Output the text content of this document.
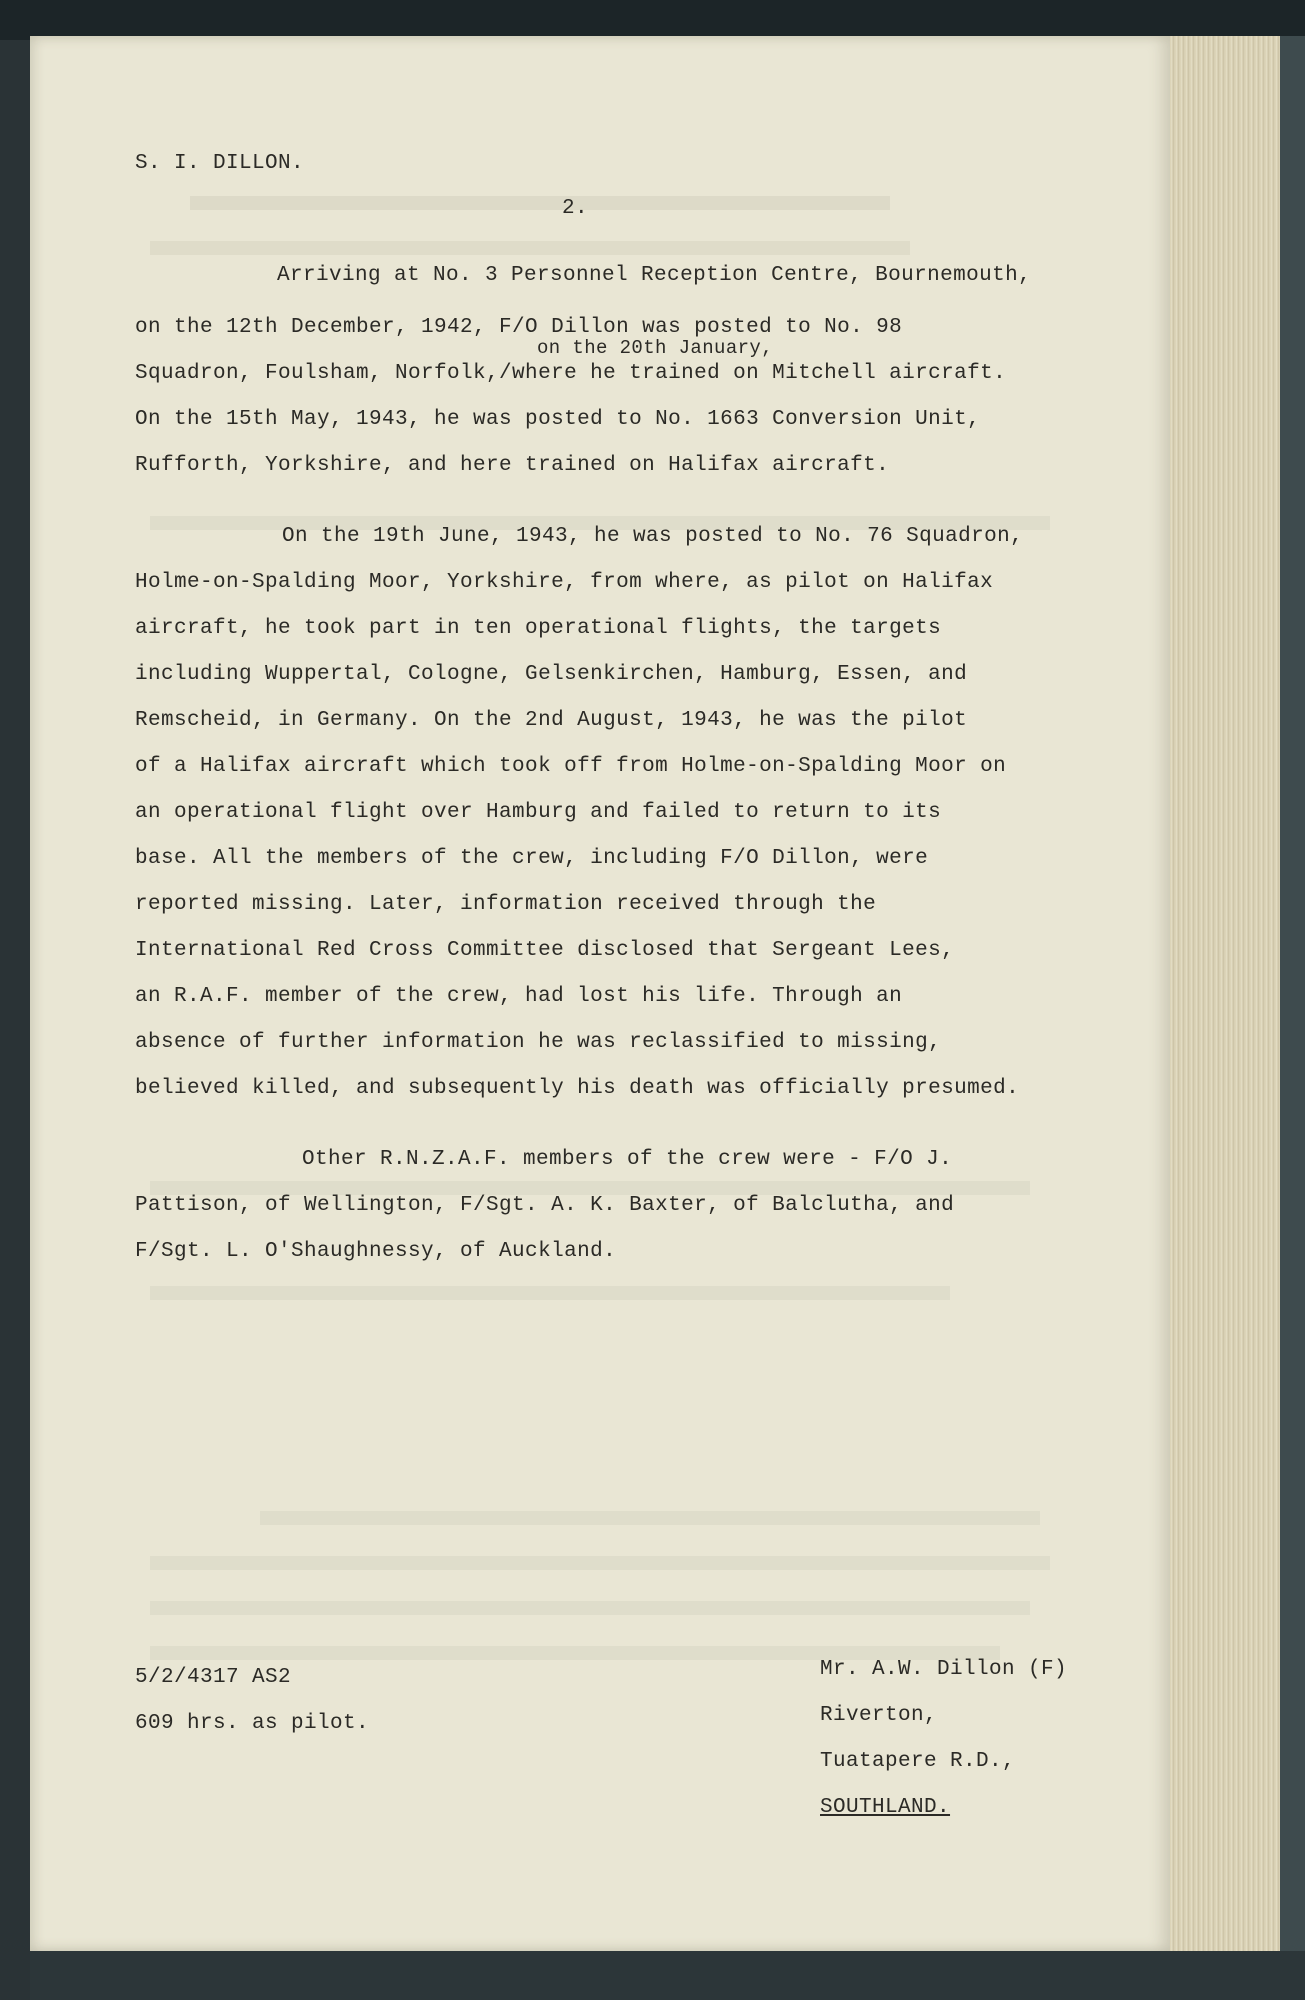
S. I. DILLON.
2.
Arriving at No. 3 Personnel Reception Centre, Bournemouth,
on the 12th December, 1942, F/O Dillon was posted to No. 98
on the 20th January,
Squadron, Foulsham, Norfolk,/where he trained on Mitchell aircraft.
On the 15th May, 1943, he was posted to No. 1663 Conversion Unit,
Rufforth, Yorkshire, and here trained on Halifax aircraft.
On the 19th June, 1943, he was posted to No. 76 Squadron,
Holme-on-Spalding Moor, Yorkshire, from where, as pilot on Halifax
aircraft, he took part in ten operational flights, the targets
including Wuppertal, Cologne, Gelsenkirchen, Hamburg, Essen, and
Remscheid, in Germany. On the 2nd August, 1943, he was the pilot
of a Halifax aircraft which took off from Holme-on-Spalding Moor on
an operational flight over Hamburg and failed to return to its
base. All the members of the crew, including F/O Dillon, were
reported missing. Later, information received through the
International Red Cross Committee disclosed that Sergeant Lees,
an R.A.F. member of the crew, had lost his life. Through an
absence of further information he was reclassified to missing,
believed killed, and subsequently his death was officially presumed.
Other R.N.Z.A.F. members of the crew were - F/O J.
Pattison, of Wellington, F/Sgt. A. K. Baxter, of Balclutha, and
F/Sgt. L. O'Shaughnessy, of Auckland.
5/2/4317 AS2
609 hrs. as pilot.
Mr. A.W. Dillon (F)
Riverton,
Tuatapere R.D.,
SOUTHLAND.
